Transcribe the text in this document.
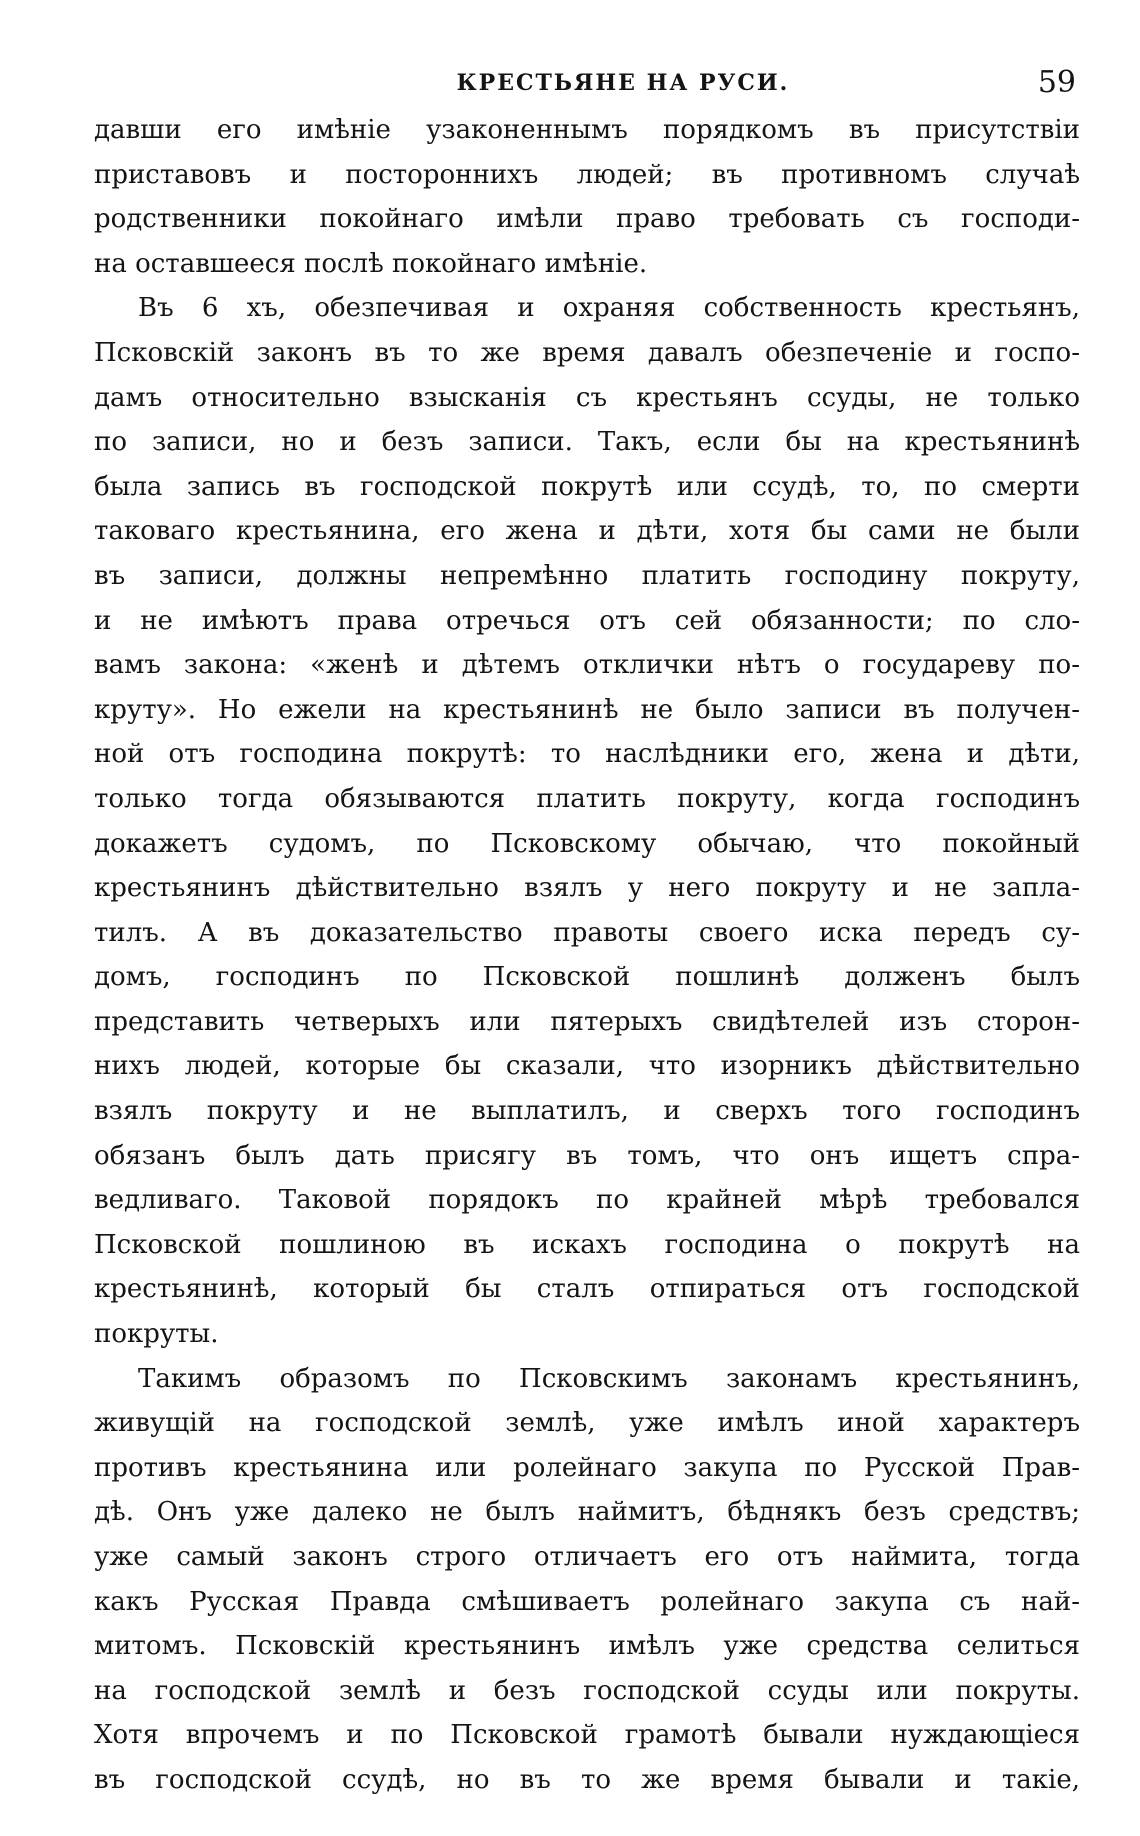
КРЕСТЬЯНЕ НА РУСИ.	59
давши его имѣніе узаконеннымъ порядкомъ въ присутствіи
приставовъ и постороннихъ людей; въ противномъ случаѣ
родственники покойнаго имѣли право требовать съ господи-
на оставшееся послѣ покойнаго имѣніе.
Въ 6 хъ, обезпечивая и охраняя собственность крестьянъ,
Псковскій законъ въ то же время давалъ обезпеченіе и госпо-
дамъ относительно взысканія съ крестьянъ ссуды, не только
по записи, но и безъ записи. Такъ, если бы на крестьянинѣ
была запись въ господской покрутѣ или ссудѣ, то, по смерти
таковаго крестьянина, его жена и дѣти, хотя бы сами не были
въ записи, должны непремѣнно платить господину покруту,
и не имѣютъ права отречься отъ сей обязанности; по сло-
вамъ закона: «женѣ и дѣтемъ отклички нѣтъ о государеву по-
круту». Но ежели на крестьянинѣ не было записи въ получен-
ной отъ господина покрутѣ: то наслѣдники его, жена и дѣти,
только тогда обязываются платить покруту, когда господинъ
докажетъ судомъ, по Псковскому обычаю, что покойный
крестьянинъ дѣйствительно взялъ у него покруту и не запла-
тилъ. А въ доказательство правоты своего иска передъ су-
домъ, господинъ по Псковской пошлинѣ долженъ былъ
представить четверыхъ или пятерыхъ свидѣтелей изъ сторон-
нихъ людей, которые бы сказали, что изорникъ дѣйствительно
взялъ покруту и не выплатилъ, и сверхъ того господинъ
обязанъ былъ дать присягу въ томъ, что онъ ищетъ спра-
ведливаго. Таковой порядокъ по крайней мѣрѣ требовался
Псковской пошлиною въ искахъ господина о покрутѣ на
крестьянинѣ, который бы сталъ отпираться отъ господской
покруты.
Такимъ образомъ по Псковскимъ законамъ крестьянинъ,
живущій на господской землѣ, уже имѣлъ иной характеръ
противъ крестьянина или ролейнаго закупа по Русской Прав-
дѣ. Онъ уже далеко не былъ наймитъ, бѣднякъ безъ средствъ;
уже самый законъ строго отличаетъ его отъ наймита, тогда
какъ Русская Правда смѣшиваетъ ролейнаго закупа съ най-
митомъ. Псковскій крестьянинъ имѣлъ уже средства селиться
на господской землѣ и безъ господской ссуды или покруты.
Хотя впрочемъ и по Псковской грамотѣ бывали нуждающіеся
въ господской ссудѣ, но въ то же время бывали и такіе,
